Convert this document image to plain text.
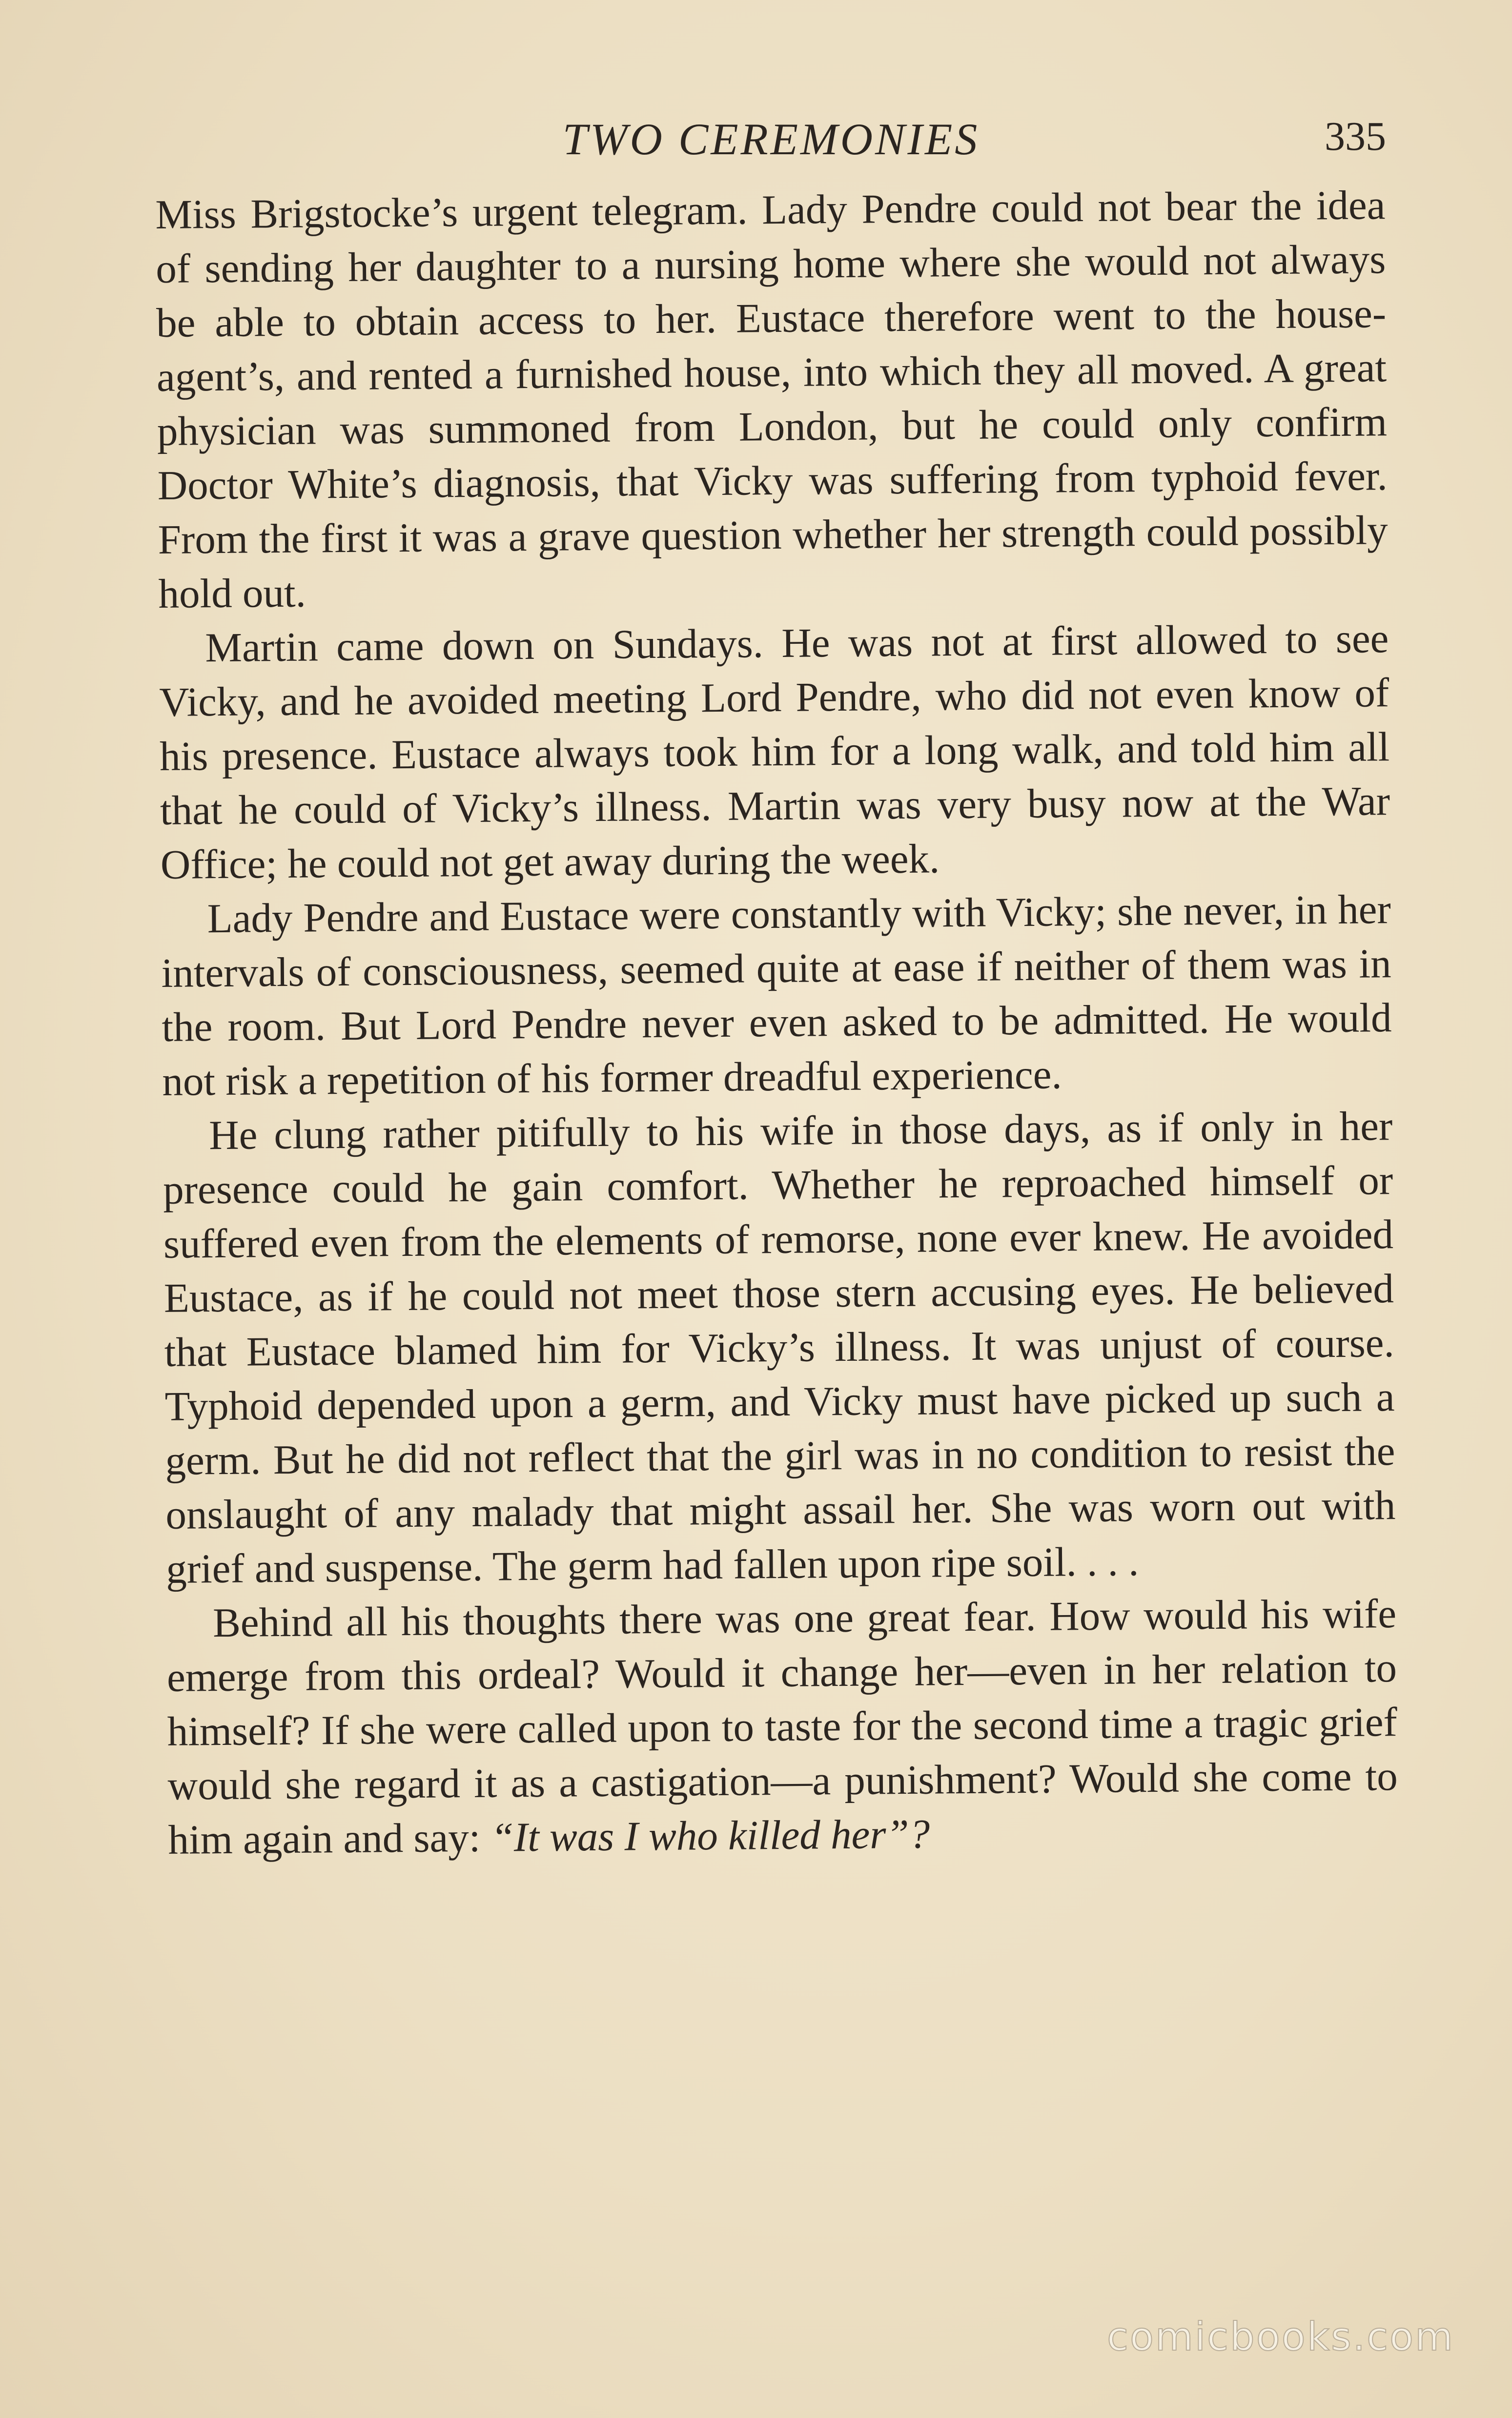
TWO CEREMONIES	335

Miss Brigstocke’s urgent telegram. Lady Pendre could not bear the idea of sending her daughter to a nursing home where she would not always be able to obtain access to her. Eustace therefore went to the house-agent’s, and rented a furnished house, into which they all moved. A great physician was summoned from London, but he could only confirm Doctor White’s diagnosis, that Vicky was suffering from typhoid fever. From the first it was a grave question whether her strength could possibly hold out.

Martin came down on Sundays. He was not at first allowed to see Vicky, and he avoided meeting Lord Pendre, who did not even know of his presence. Eustace always took him for a long walk, and told him all that he could of Vicky’s illness. Martin was very busy now at the War Office; he could not get away during the week.

Lady Pendre and Eustace were constantly with Vicky; she never, in her intervals of consciousness, seemed quite at ease if neither of them was in the room. But Lord Pendre never even asked to be admitted. He would not risk a repetition of his former dreadful experience.

He clung rather pitifully to his wife in those days, as if only in her presence could he gain comfort. Whether he reproached himself or suffered even from the elements of remorse, none ever knew. He avoided Eustace, as if he could not meet those stern accusing eyes. He believed that Eustace blamed him for Vicky’s illness. It was unjust of course. Typhoid depended upon a germ, and Vicky must have picked up such a germ. But he did not reflect that the girl was in no condition to resist the onslaught of any malady that might assail her. She was worn out with grief and suspense. The germ had fallen upon ripe soil. . . .

Behind all his thoughts there was one great fear. How would his wife emerge from this ordeal? Would it change her—even in her relation to himself? If she were called upon to taste for the second time a tragic grief would she regard it as a castigation—a punishment? Would she come to him again and say: “It was I who killed her”?

comicbooks.com
